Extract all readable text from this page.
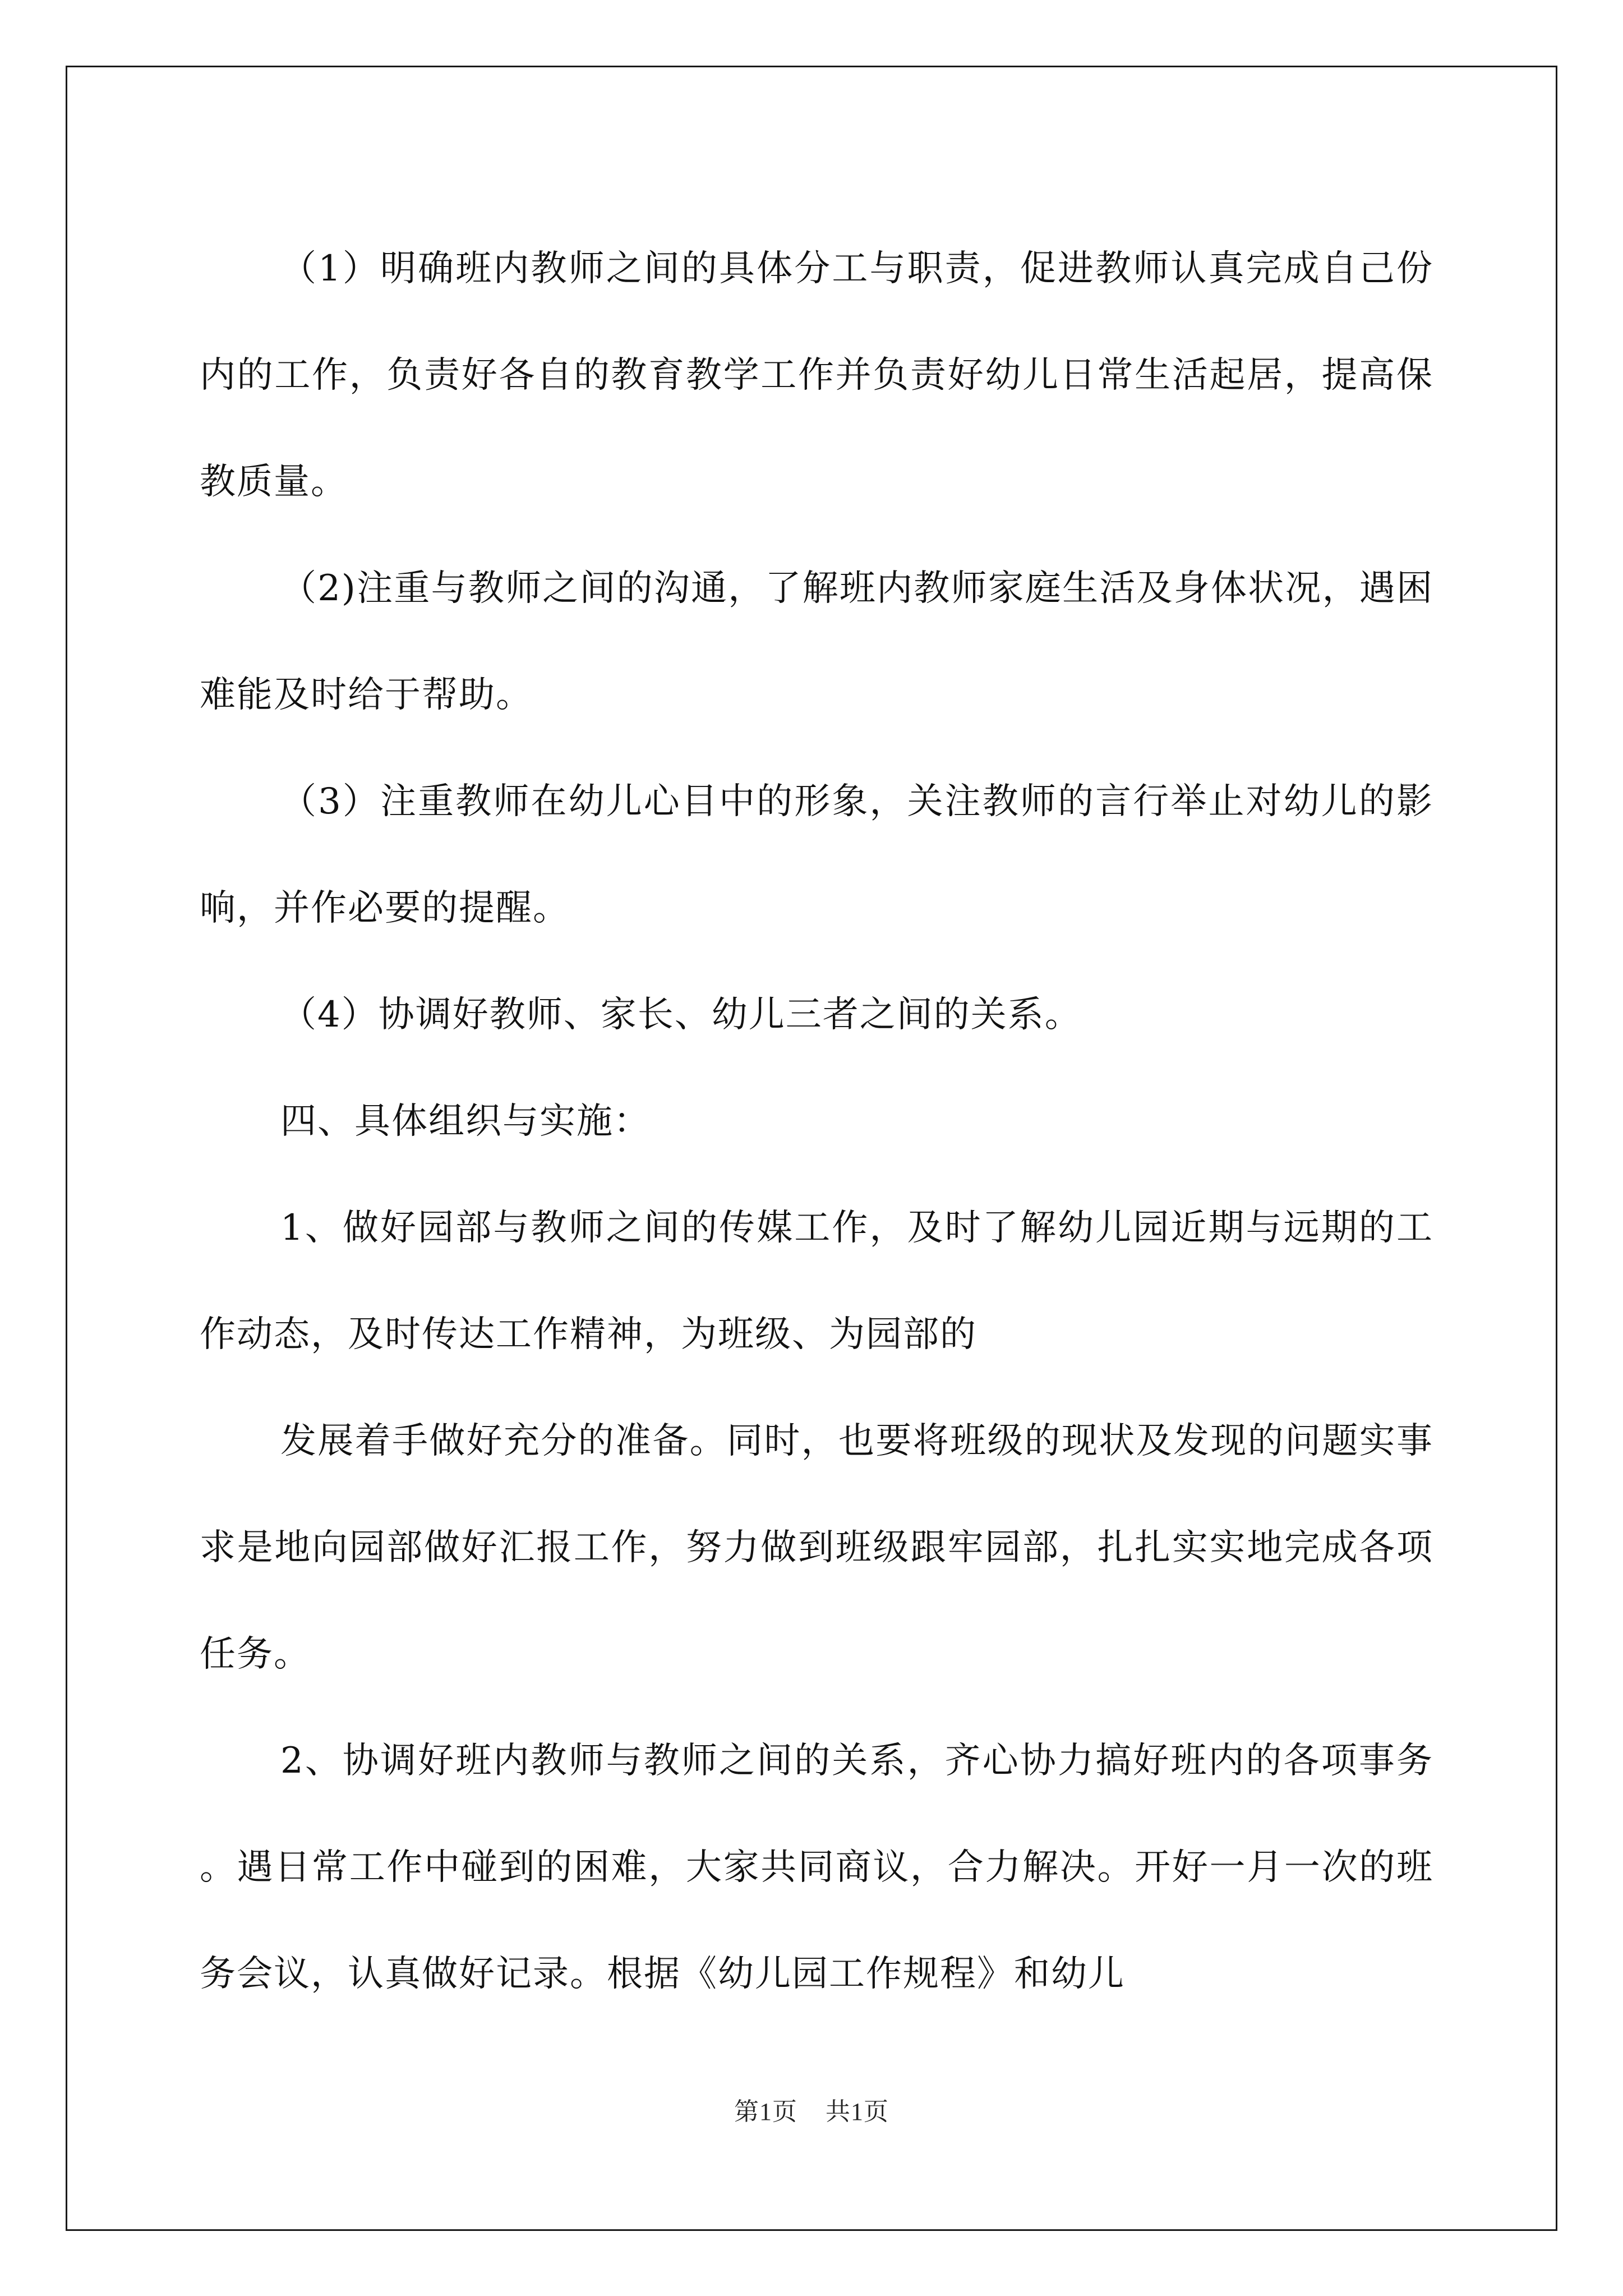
（1）明确班内教师之间的具体分工与职责，促进教师认真完成自己份内的工作，负责好各自的教育教学工作并负责好幼儿日常生活起居，提高保教质量。

（2)注重与教师之间的沟通，了解班内教师家庭生活及身体状况，遇困难能及时给于帮助。

（3）注重教师在幼儿心目中的形象，关注教师的言行举止对幼儿的影响，并作必要的提醒。

（4）协调好教师、家长、幼儿三者之间的关系。

四、具体组织与实施：

1、做好园部与教师之间的传媒工作，及时了解幼儿园近期与远期的工作动态，及时传达工作精神，为班级、为园部的

发展着手做好充分的准备。同时，也要将班级的现状及发现的问题实事求是地向园部做好汇报工作，努力做到班级跟牢园部，扎扎实实地完成各项任务。

2、协调好班内教师与教师之间的关系，齐心协力搞好班内的各项事务。遇日常工作中碰到的困难，大家共同商议，合力解决。开好一月一次的班务会议，认真做好记录。根据《幼儿园工作规程》和幼儿

第1页 共1页
